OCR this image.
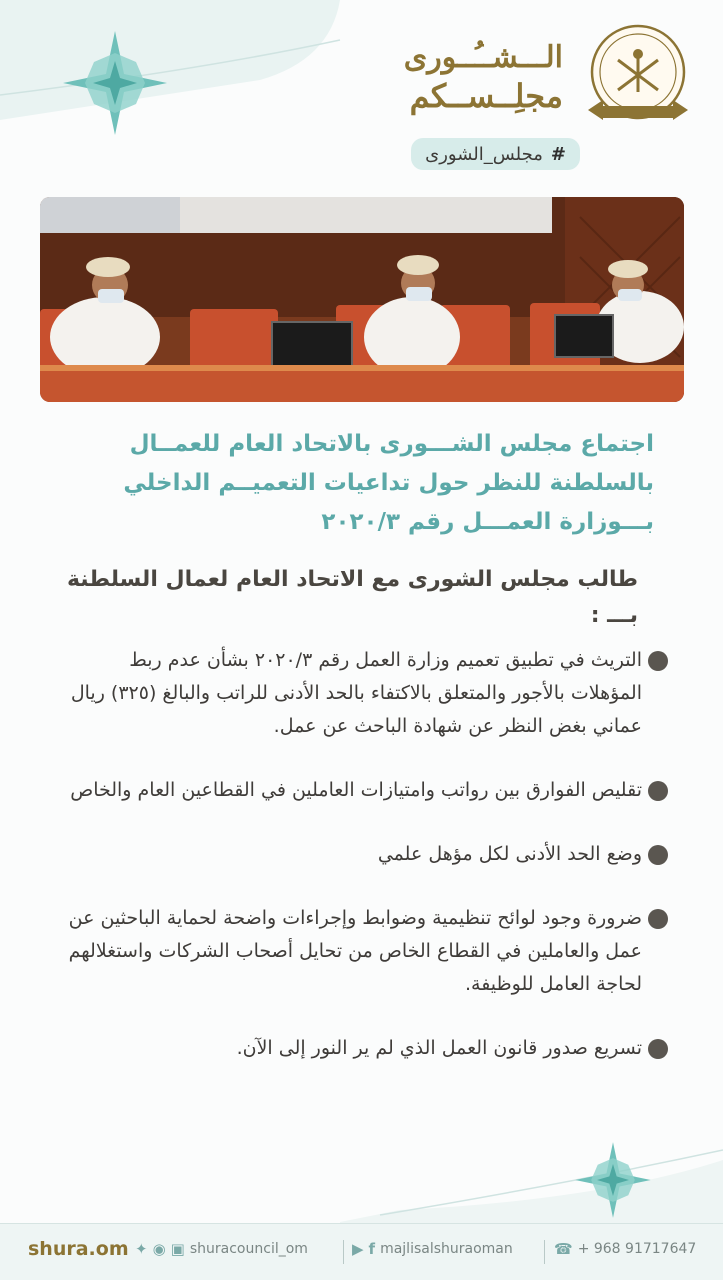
الـــشــُــورى
مجلِــســكم
#
مجلس_الشورى
اجتماع مجلس الشـــورى بالاتحاد العام للعمــال بالسلطنة للنظر حول تداعيات التعميــم الداخلي بـــوزارة العمـــل رقم ٢٠٢٠/٣
طالب مجلس الشورى مع الاتحاد العام لعمال السلطنة بـــ :
التريث في تطبيق تعميم وزارة العمل رقم ٢٠٢٠/٣ بشأن عدم ربط المؤهلات بالأجور والمتعلق بالاكتفاء بالحد الأدنى للراتب والبالغ (٣٢٥) ريال عماني بغض النظر عن شهادة الباحث عن عمل.
تقليص الفوارق بين رواتب وامتيازات العاملين في القطاعين العام والخاص
وضع الحد الأدنى لكل مؤهل علمي
ضرورة وجود لوائح تنظيمية وضوابط وإجراءات واضحة لحماية الباحثين عن عمل والعاملين في القطاع الخاص من تحايل أصحاب الشركات واستغلالهم لحاجة العامل للوظيفة.
تسريع صدور قانون العمل الذي لم ير النور إلى الآن.
shura.om ✦ ◉ ▣ shuracouncil_om	▶ f majlisalshuraoman	☎ + 968 91717647
